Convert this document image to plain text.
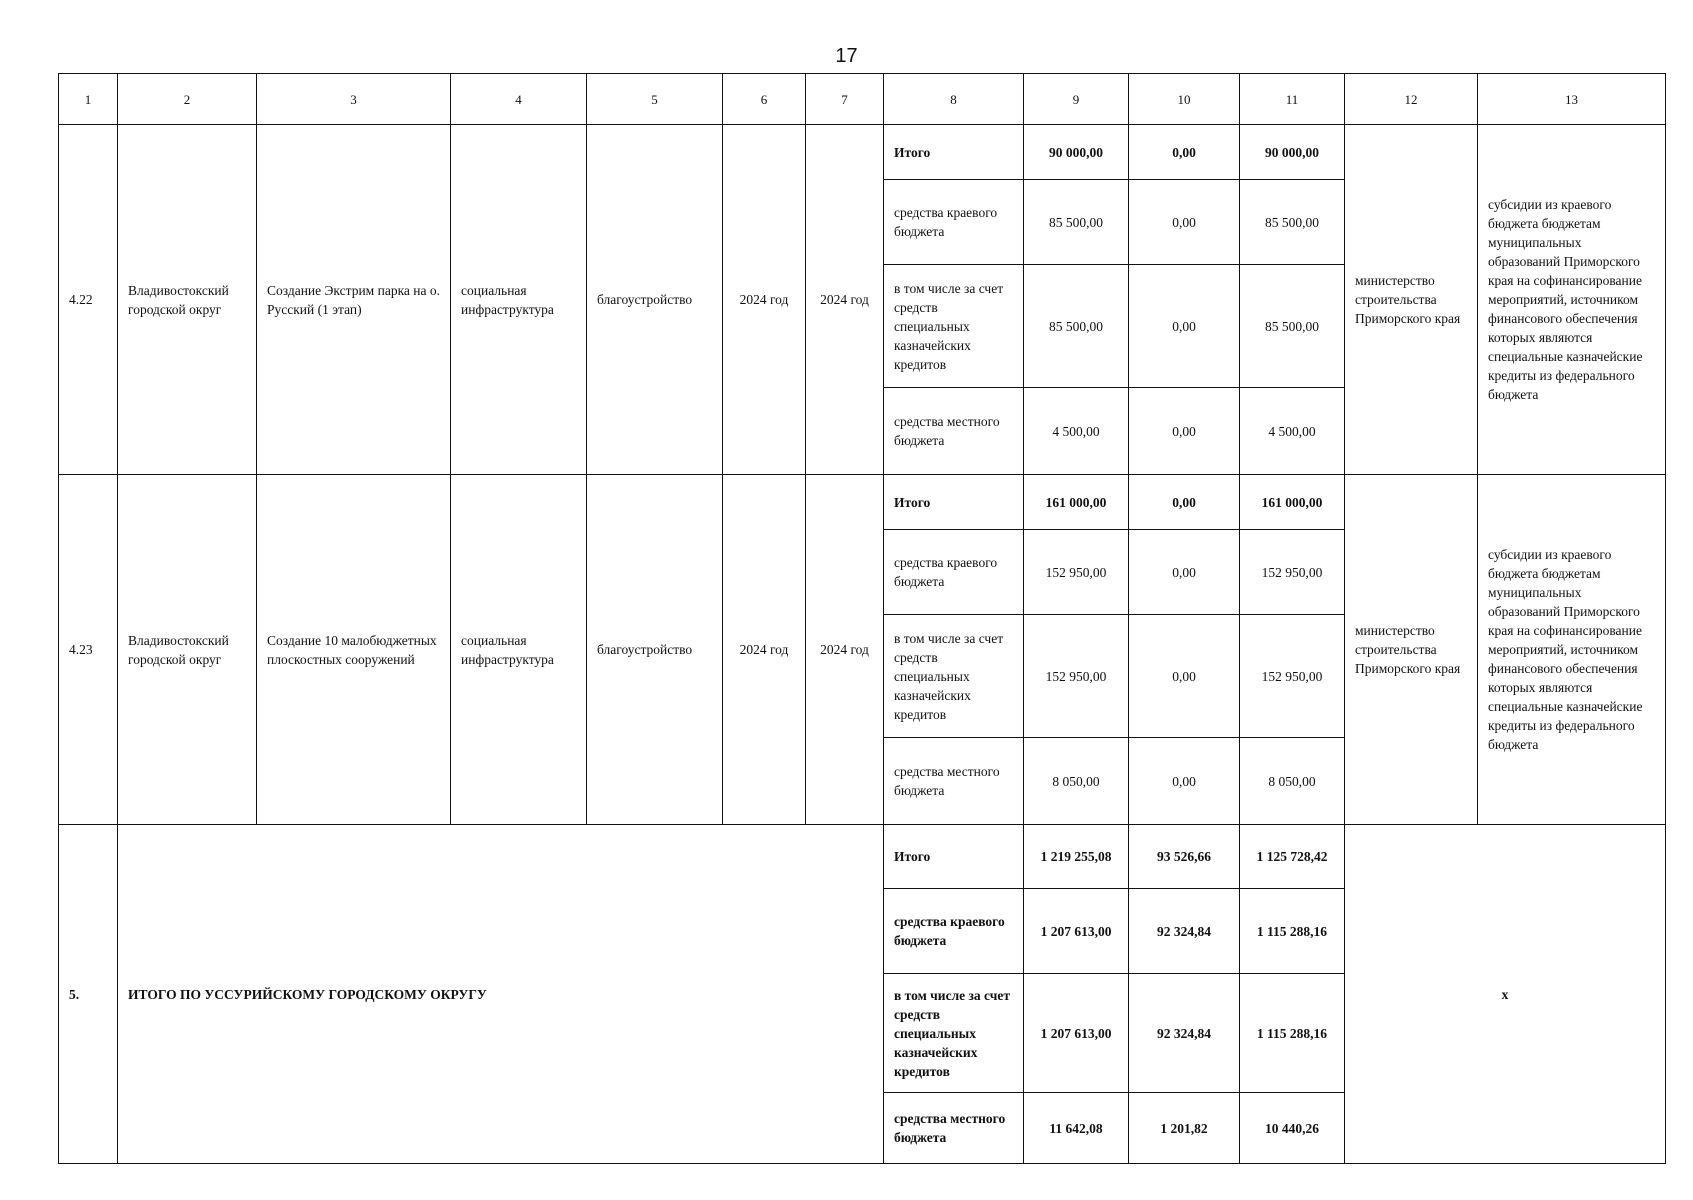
17
1	2	3	4	5	6	7	8	9	10	11	12	13
4.22	Владивостокский городской округ	Создание Экстрим парка на о. Русский (1 этап)	социальная инфраструктура	благоустройство	2024 год	2024 год	Итого	90 000,00	0,00	90 000,00	министерство строительства Приморского края	субсидии из краевого бюджета бюджетам муниципальных образований Приморского края на софинансирование мероприятий, источником финансового обеспечения которых являются специальные казначейские кредиты из федерального бюджета
							средства краевого бюджета	85 500,00	0,00	85 500,00		
							в том числе за счет средств специальных казначейских кредитов	85 500,00	0,00	85 500,00		
							средства местного бюджета	4 500,00	0,00	4 500,00		
4.23	Владивостокский городской округ	Создание 10 малобюджетных плоскостных сооружений	социальная инфраструктура	благоустройство	2024 год	2024 год	Итого	161 000,00	0,00	161 000,00	министерство строительства Приморского края	субсидии из краевого бюджета бюджетам муниципальных образований Приморского края на софинансирование мероприятий, источником финансового обеспечения которых являются специальные казначейские кредиты из федерального бюджета
							средства краевого бюджета	152 950,00	0,00	152 950,00		
							в том числе за счет средств специальных казначейских кредитов	152 950,00	0,00	152 950,00		
							средства местного бюджета	8 050,00	0,00	8 050,00		
5.	ИТОГО ПО УССУРИЙСКОМУ ГОРОДСКОМУ ОКРУГУ						Итого	1 219 255,08	93 526,66	1 125 728,42	x	
							средства краевого бюджета	1 207 613,00	92 324,84	1 115 288,16		
							в том числе за счет средств специальных казначейских кредитов	1 207 613,00	92 324,84	1 115 288,16		
							средства местного бюджета	11 642,08	1 201,82	10 440,26		
